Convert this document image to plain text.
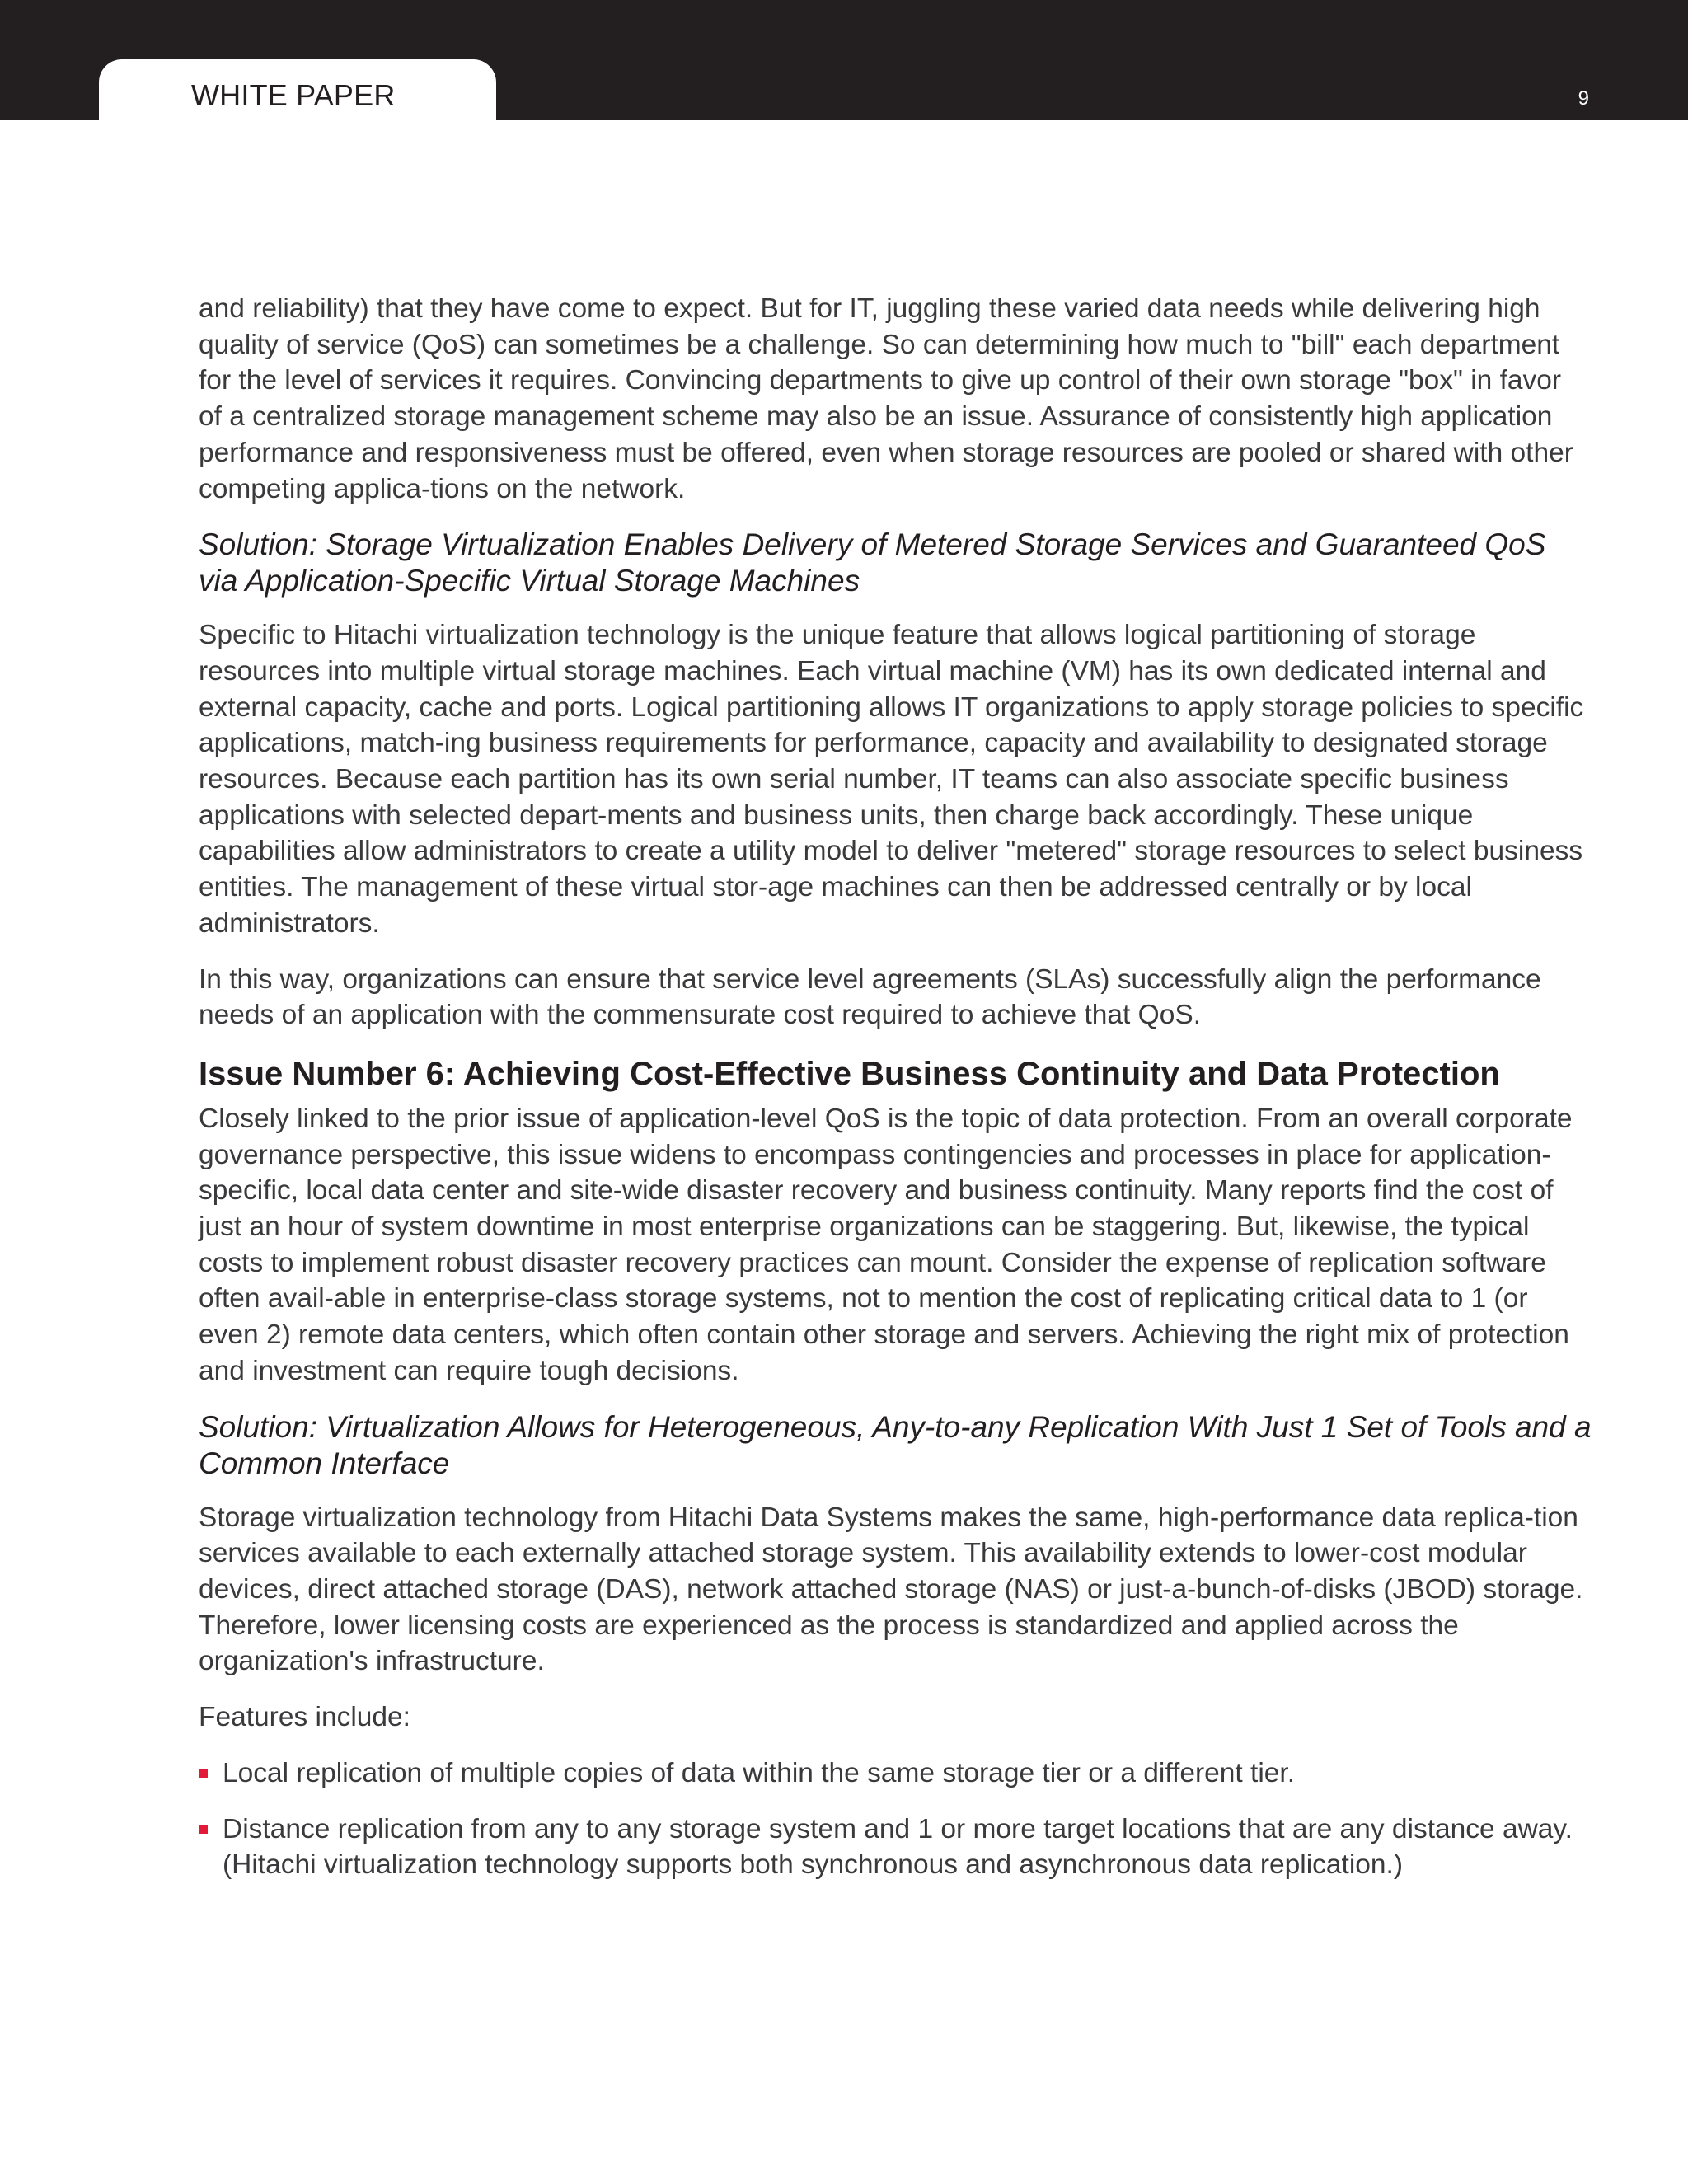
WHITE PAPER	9

and reliability) that they have come to expect. But for IT, juggling these varied data needs while delivering high quality of service (QoS) can sometimes be a challenge. So can determining how much to "bill" each department for the level of services it requires. Convincing departments to give up control of their own storage "box" in favor of a centralized storage management scheme may also be an issue. Assurance of consistently high application performance and responsiveness must be offered, even when storage resources are pooled or shared with other competing applica-tions on the network.

Solution: Storage Virtualization Enables Delivery of Metered Storage Services and Guaranteed QoS via Application-Specific Virtual Storage Machines

Specific to Hitachi virtualization technology is the unique feature that allows logical partitioning of storage resources into multiple virtual storage machines. Each virtual machine (VM) has its own dedicated internal and external capacity, cache and ports. Logical partitioning allows IT organizations to apply storage policies to specific applications, match-ing business requirements for performance, capacity and availability to designated storage resources. Because each partition has its own serial number, IT teams can also associate specific business applications with selected depart-ments and business units, then charge back accordingly. These unique capabilities allow administrators to create a utility model to deliver "metered" storage resources to select business entities. The management of these virtual stor-age machines can then be addressed centrally or by local administrators.

In this way, organizations can ensure that service level agreements (SLAs) successfully align the performance needs of an application with the commensurate cost required to achieve that QoS.

Issue Number 6: Achieving Cost-Effective Business Continuity and Data Protection

Closely linked to the prior issue of application-level QoS is the topic of data protection. From an overall corporate governance perspective, this issue widens to encompass contingencies and processes in place for application-specific, local data center and site-wide disaster recovery and business continuity. Many reports find the cost of just an hour of system downtime in most enterprise organizations can be staggering. But, likewise, the typical costs to implement robust disaster recovery practices can mount. Consider the expense of replication software often avail-able in enterprise-class storage systems, not to mention the cost of replicating critical data to 1 (or even 2) remote data centers, which often contain other storage and servers. Achieving the right mix of protection and investment can require tough decisions.

Solution: Virtualization Allows for Heterogeneous, Any-to-any Replication With Just 1 Set of Tools and a Common Interface

Storage virtualization technology from Hitachi Data Systems makes the same, high-performance data replica-tion services available to each externally attached storage system. This availability extends to lower-cost modular devices, direct attached storage (DAS), network attached storage (NAS) or just-a-bunch-of-disks (JBOD) storage. Therefore, lower licensing costs are experienced as the process is standardized and applied across the organization's infrastructure.

Features include:

Local replication of multiple copies of data within the same storage tier or a different tier.
Distance replication from any to any storage system and 1 or more target locations that are any distance away. (Hitachi virtualization technology supports both synchronous and asynchronous data replication.)
